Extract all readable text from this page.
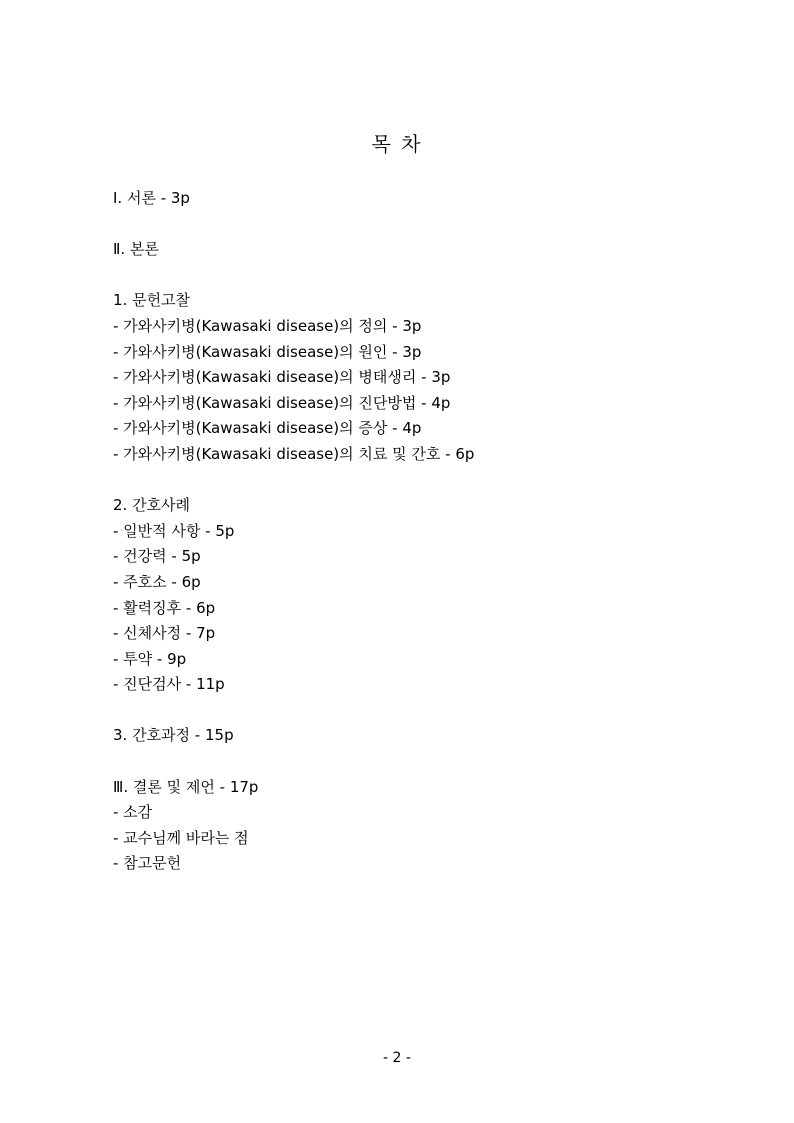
목 차
Ⅰ. 서론 - 3p
Ⅱ. 본론
1. 문헌고찰
- 가와사키병(Kawasaki disease)의 정의 - 3p
- 가와사키병(Kawasaki disease)의 원인 - 3p
- 가와사키병(Kawasaki disease)의 병태생리 - 3p
- 가와사키병(Kawasaki disease)의 진단방법 - 4p
- 가와사키병(Kawasaki disease)의 증상 - 4p
- 가와사키병(Kawasaki disease)의 치료 및 간호 - 6p
2. 간호사례
- 일반적 사항 - 5p
- 건강력 - 5p
- 주호소 - 6p
- 활력징후 - 6p
- 신체사정 - 7p
- 투약 - 9p
- 진단검사 - 11p
3. 간호과정 - 15p
Ⅲ. 결론 및 제언 - 17p
- 소감
- 교수님께 바라는 점
- 참고문헌
- 2 -
